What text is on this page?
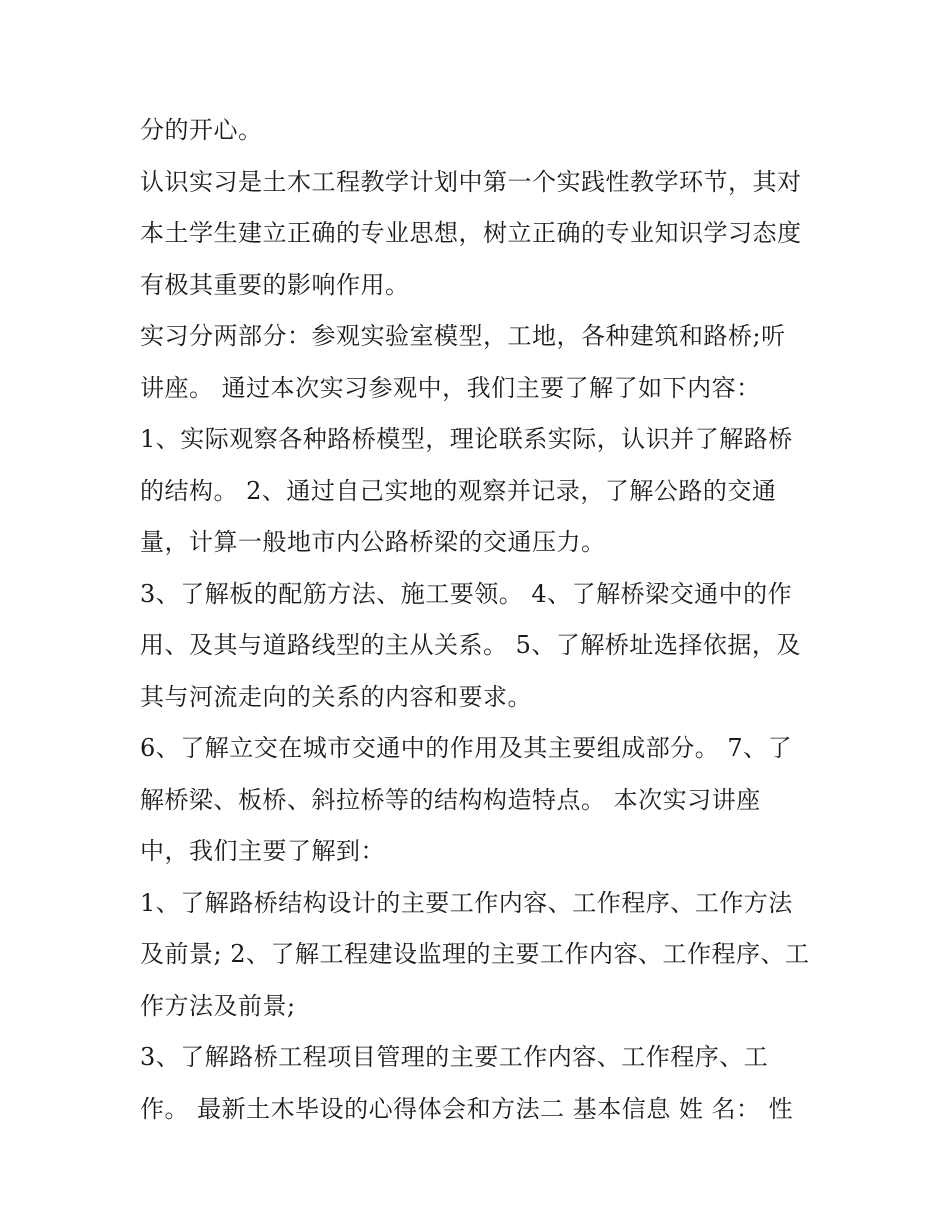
分的开心。
认识实习是土木工程教学计划中第一个实践性教学环节，其对
本土学生建立正确的专业思想，树立正确的专业知识学习态度
有极其重要的影响作用。
实习分两部分：参观实验室模型，工地，各种建筑和路桥;听
讲座。 通过本次实习参观中，我们主要了解了如下内容：
1、实际观察各种路桥模型，理论联系实际，认识并了解路桥
的结构。 2、通过自己实地的观察并记录，了解公路的交通
量，计算一般地市内公路桥梁的交通压力。
3、了解板的配筋方法、施工要领。 4、了解桥梁交通中的作
用、及其与道路线型的主从关系。 5、了解桥址选择依据，及
其与河流走向的关系的内容和要求。
6、了解立交在城市交通中的作用及其主要组成部分。 7、了
解桥梁、板桥、斜拉桥等的结构构造特点。 本次实习讲座
中，我们主要了解到：
1、了解路桥结构设计的主要工作内容、工作程序、工作方法
及前景; 2、了解工程建设监理的主要工作内容、工作程序、工
作方法及前景;
3、了解路桥工程项目管理的主要工作内容、工作程序、工
作。 最新土木毕设的心得体会和方法二 基本信息 姓 名： 性
